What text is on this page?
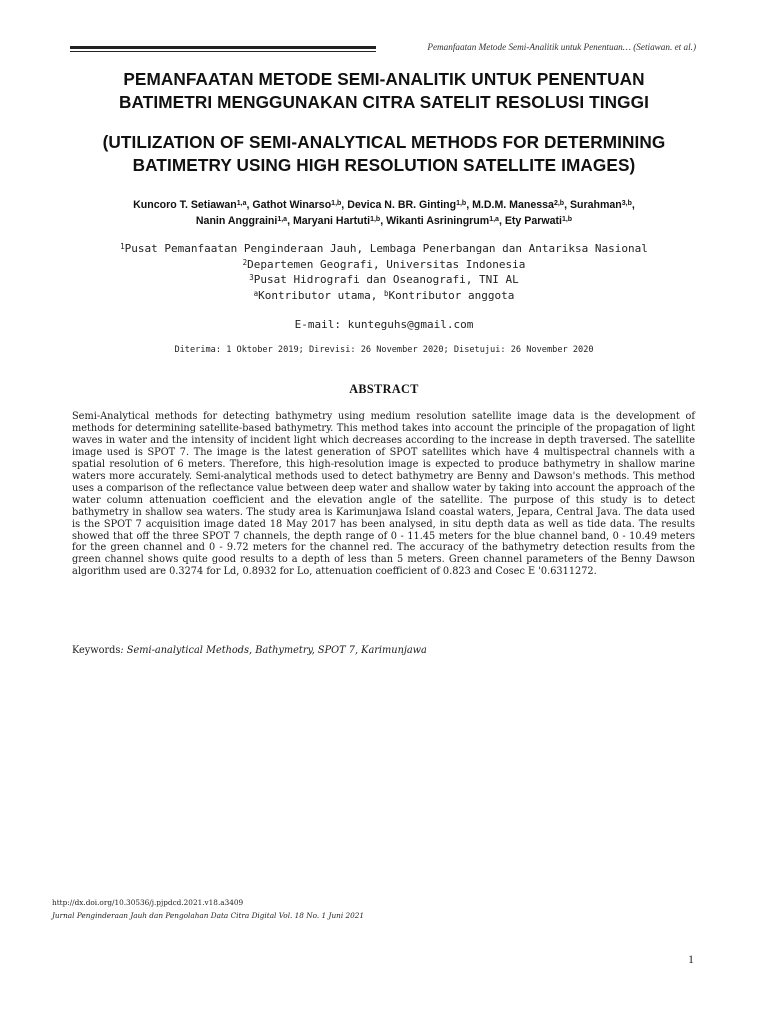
Pemanfaatan Metode Semi-Analitik untuk Penentuan… (Setiawan. et al.)
PEMANFAATAN METODE SEMI-ANALITIK UNTUK PENENTUAN
BATIMETRI MENGGUNAKAN CITRA SATELIT RESOLUSI TINGGI
(UTILIZATION OF SEMI-ANALYTICAL METHODS FOR DETERMINING
BATIMETRY USING HIGH RESOLUTION SATELLITE IMAGES)
Kuncoro T. Setiawan$^{1,a}$, Gathot Winarso$^{1,b}$, Devica N. BR. Ginting$^{1,b}$, M.D.M. Manessa$^{2,b}$, Surahman$^{3,b}$,
Nanin Anggraini$^{1,a}$, Maryani Hartuti$^{1,b}$, Wikanti Asriningrum$^{1,a}$, Ety Parwati$^{1,b}$
$^1$Pusat Pemanfaatan Penginderaan Jauh, Lembaga Penerbangan dan Antariksa Nasional
$^2$Departemen Geografi, Universitas Indonesia
$^3$Pusat Hidrografi dan Oseanografi, TNI AL
$^a$Kontributor utama, $^b$Kontributor anggota
E-mail: kunteguhs@gmail.com
Diterima: 1 Oktober 2019; Direvisi: 26 November 2020; Disetujui: 26 November 2020
ABSTRACT

Semi-Analytical methods for detecting bathymetry using medium resolution satellite image data is the development of methods for determining satellite-based bathymetry. This method takes into account the principle of the propagation of light waves in water and the intensity of incident light which decreases according to the increase in depth traversed. The satellite image used is SPOT 7. The image is the latest generation of SPOT satellites which have 4 multispectral channels with a spatial resolution of 6 meters. Therefore, this high-resolution image is expected to produce bathymetry in shallow marine waters more accurately. Semi-analytical methods used to detect bathymetry are Benny and Dawson's methods. This method uses a comparison of the reflectance value between deep water and shallow water by taking into account the approach of the water column attenuation coefficient and the elevation angle of the satellite. The purpose of this study is to detect bathymetry in shallow sea waters. The study area is Karimunjawa Island coastal waters, Jepara, Central Java. The data used is the SPOT 7 acquisition image dated 18 May 2017 has been analysed, in situ depth data as well as tide data. The results showed that off the three SPOT 7 channels, the depth range of 0 - 11.45 meters for the blue channel band, 0 - 10.49 meters for the green channel and 0 - 9.72 meters for the channel red. The accuracy of the bathymetry detection results from the green channel shows quite good results to a depth of less than 5 meters. Green channel parameters of the Benny Dawson algorithm used are 0.3274 for Ld, 0.8932 for Lo, attenuation coefficient of 0.823 and Cosec E '0.6311272.

Keywords: Semi-analytical Methods, Bathymetry, SPOT 7, Karimunjawa
http://dx.doi.org/10.30536/j.pjpdcd.2021.v18.a3409
Jurnal Penginderaan Jauh dan Pengolahan Data Citra Digital Vol. 18 No. 1 Juni 2021
1
